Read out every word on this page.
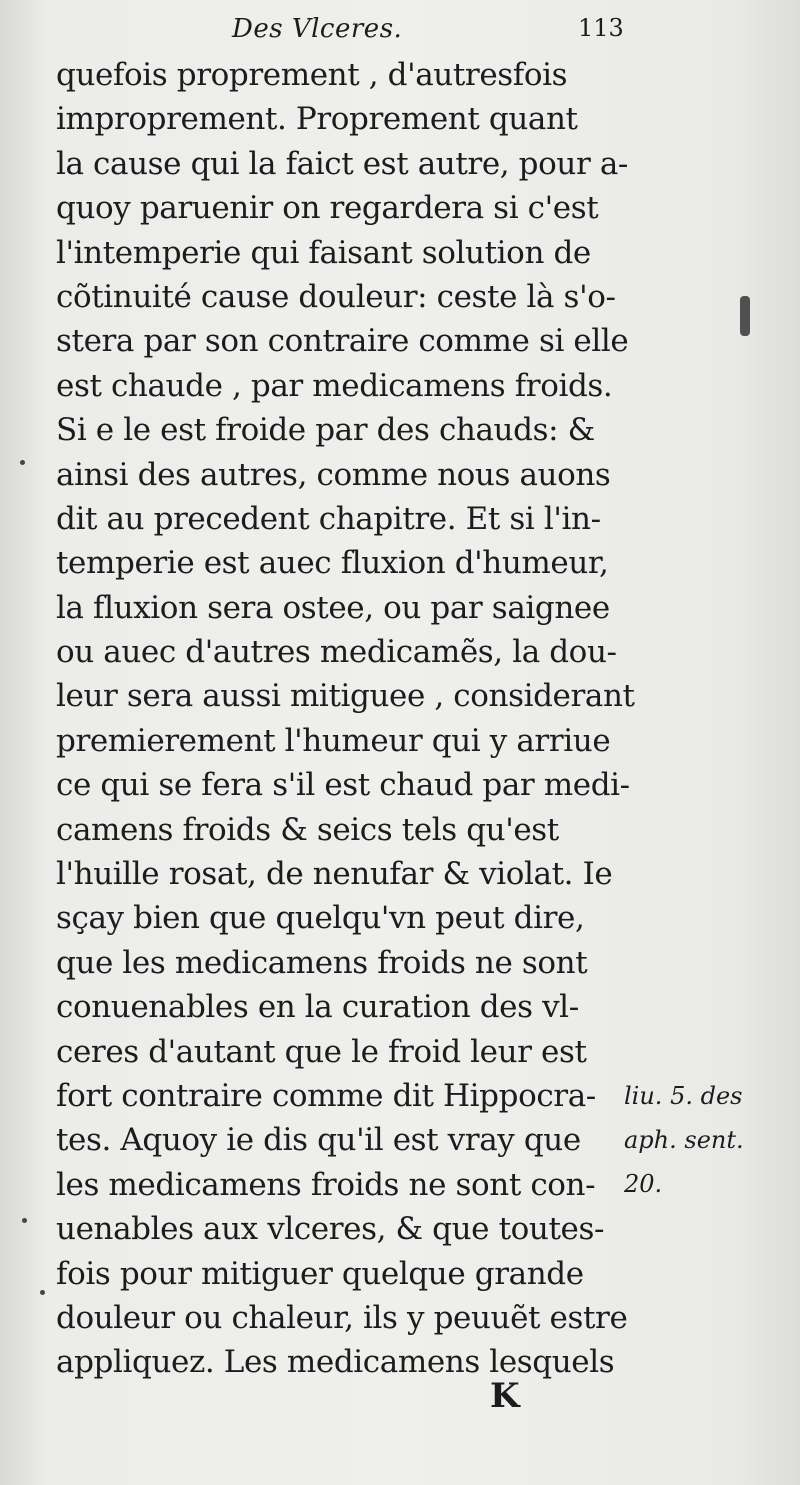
Des Vlceres.	113
quefois proprement , d'autresfois
improprement. Proprement quant
la cause qui la faict est autre, pour a-
quoy paruenir on regardera si c'est
l'intemperie qui faisant solution de
cõtinuité cause douleur: ceste là s'o-
stera par son contraire comme si elle
est chaude , par medicamens froids.
Si e le est froide par des chauds: &
ainsi des autres, comme nous auons
dit au precedent chapitre. Et si l'in-
temperie est auec fluxion d'humeur,
la fluxion sera ostee, ou par saignee
ou auec d'autres medicamẽs, la dou-
leur sera aussi mitiguee , considerant
premierement l'humeur qui y arriue
ce qui se fera s'il est chaud par medi-
camens froids & seics tels qu'est
l'huille rosat, de nenufar & violat. Ie
sçay bien que quelqu'vn peut dire,
que les medicamens froids ne sont
conuenables en la curation des vl-
ceres d'autant que le froid leur est
fort contraire comme dit Hippocra-
tes. Aquoy ie dis qu'il est vray que
les medicamens froids ne sont con-
uenables aux vlceres, & que toutes-
fois pour mitiguer quelque grande
douleur ou chaleur, ils y peuuẽt estre
appliquez. Les medicamens lesquels
liu. 5. des
aph. sent.
20.
K
